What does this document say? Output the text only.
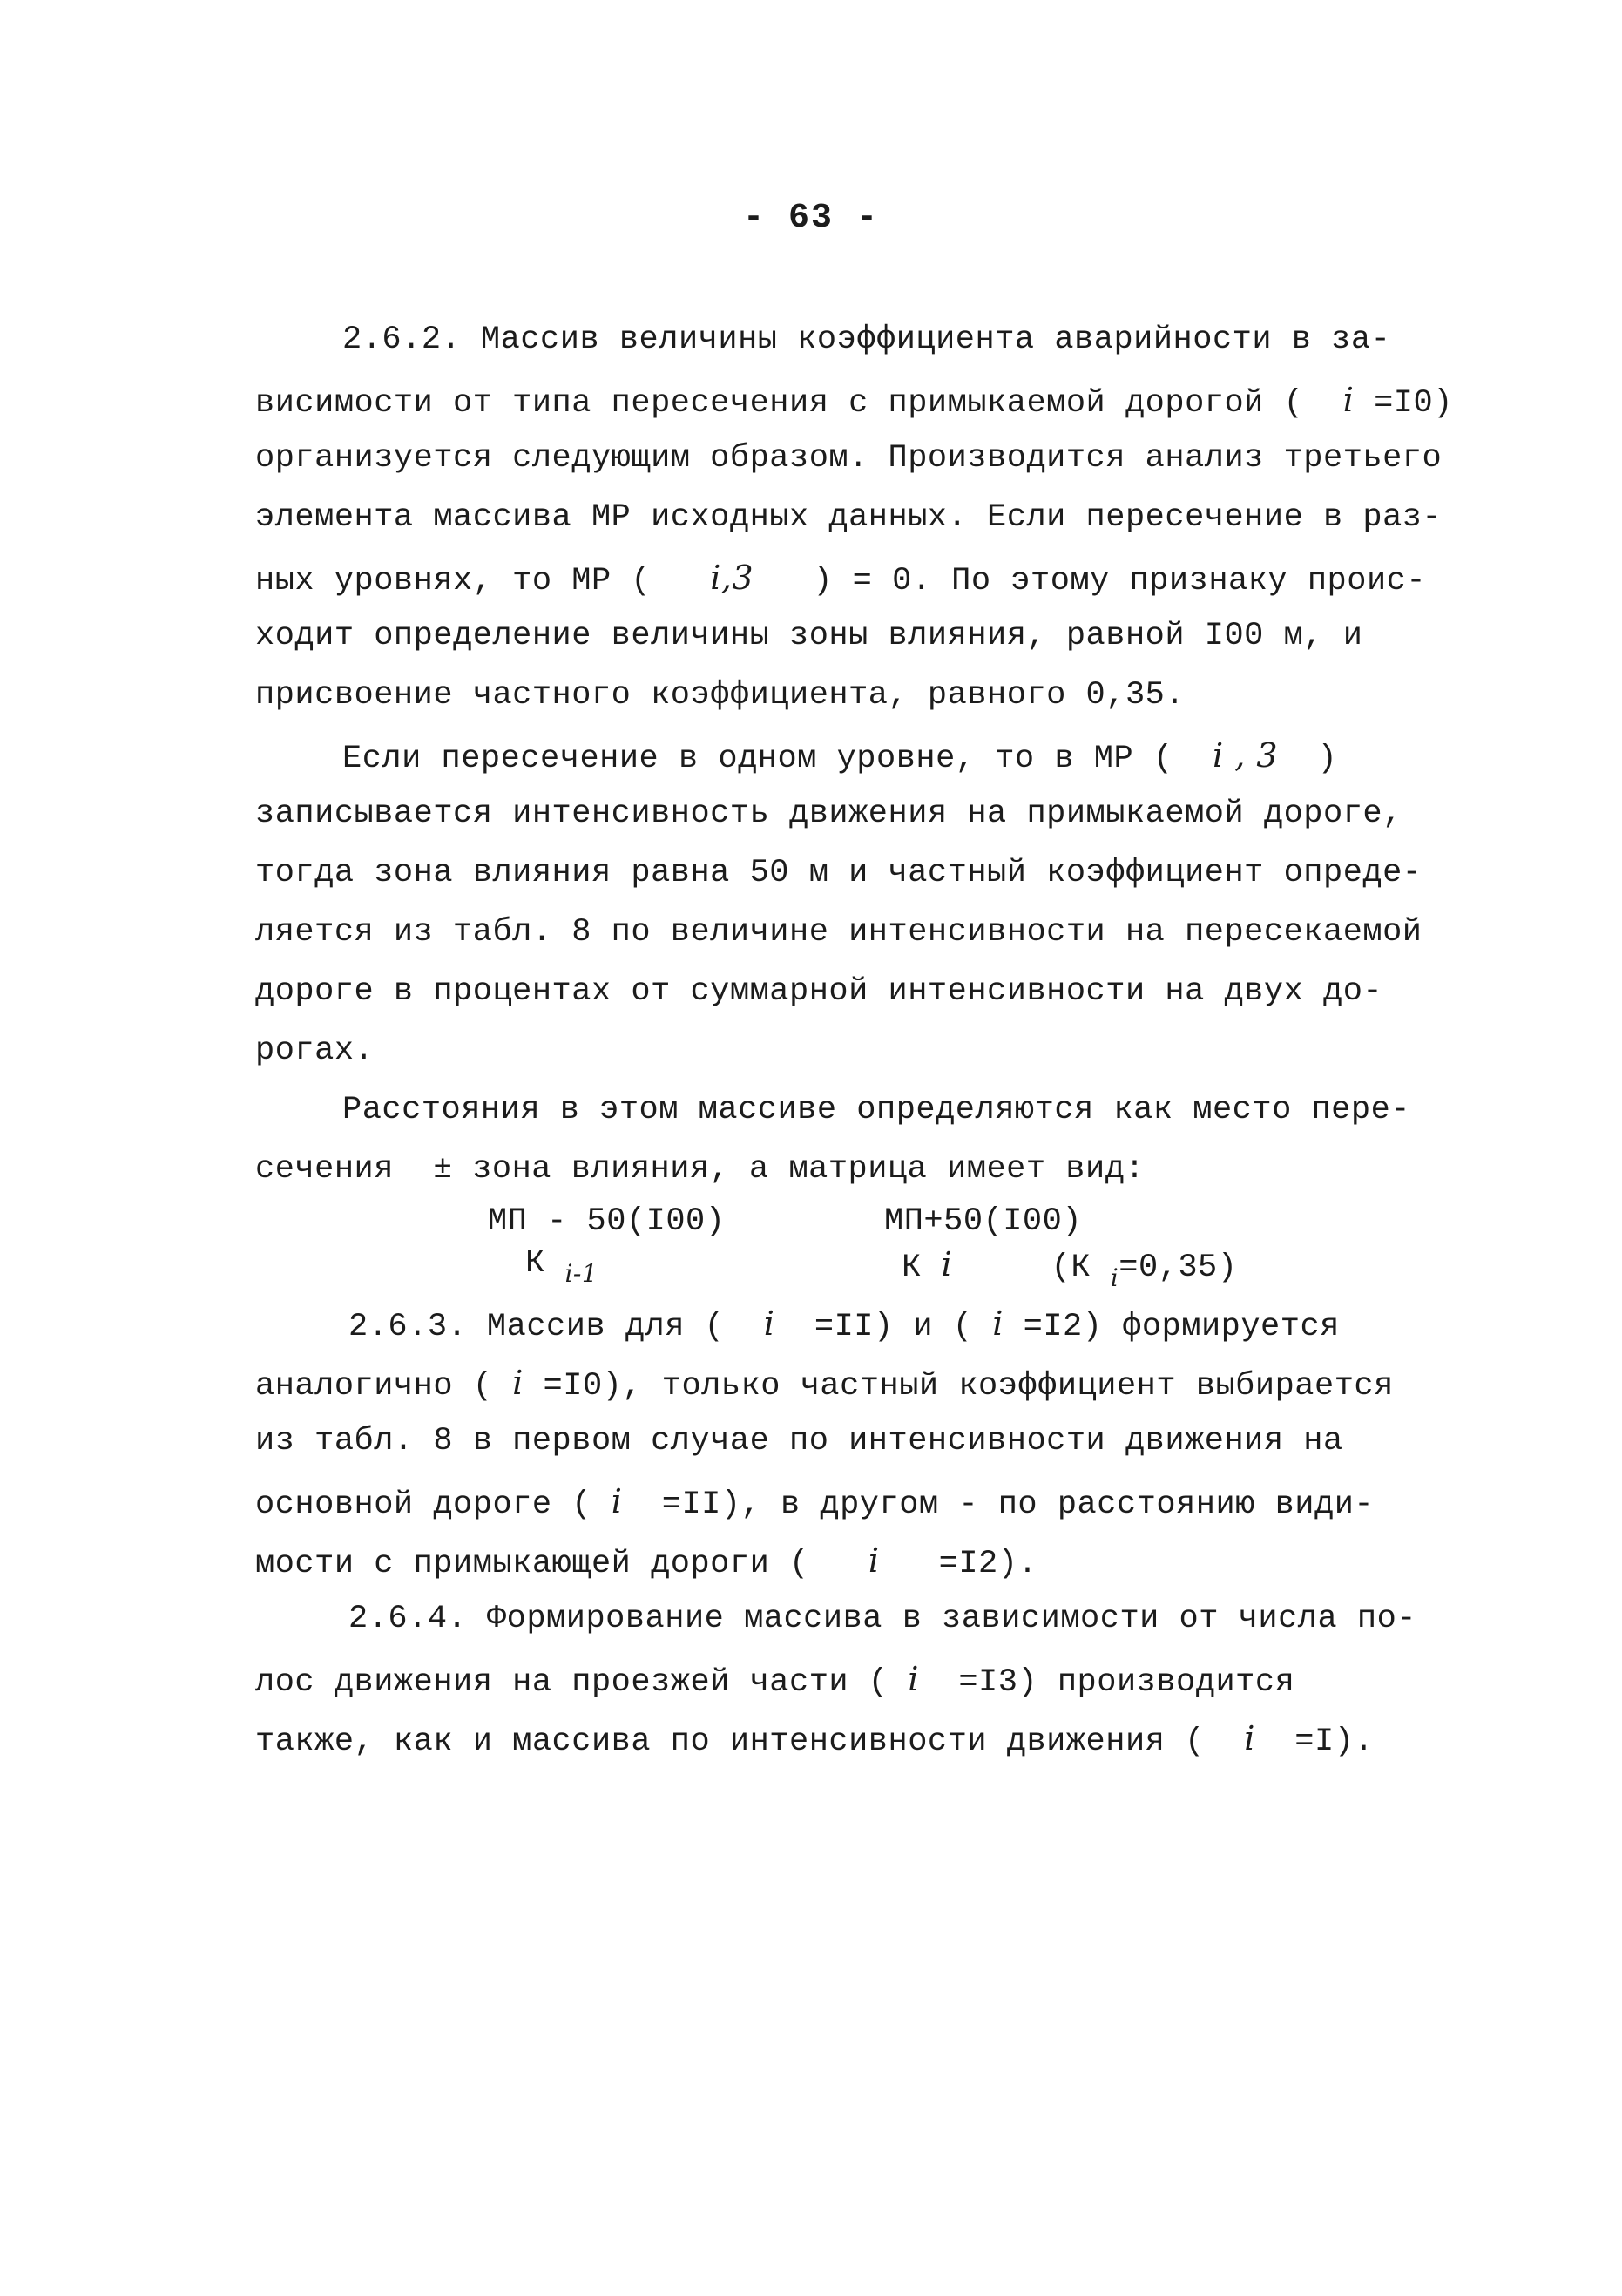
- 63 -
2.6.2. Массив величины коэффициента аварийности в за-
висимости от типа пересечения с примыкаемой дорогой ( i =I0)
организуется следующим образом. Производится анализ третьего
элемента массива МР исходных данных. Если пересечение в раз-
ных уровнях, то МР ( i,3 ) = 0. По этому признаку проис-
ходит определение величины зоны влияния, равной I00 м, и
присвоение частного коэффициента, равного 0,35.
Если пересечение в одном уровне, то в МР ( i , 3 )
записывается интенсивность движения на примыкаемой дороге,
тогда зона влияния равна 50 м и частный коэффициент опреде-
ляется из табл. 8 по величине интенсивности на пересекаемой
дороге в процентах от суммарной интенсивности на двух до-
рогах.
Расстояния в этом массиве определяются как место пере-
сечения ± зона влияния, а матрица имеет вид:
МП - 50(I00)	МП+50(I00)
К $_{i-1}$	К i	(К $_i$=0,35)
2.6.3. Массив для ( i =II) и ( i =I2) формируется
аналогично ( i =I0), только частный коэффициент выбирается
из табл. 8 в первом случае по интенсивности движения на
основной дороге ( i =II), в другом - по расстоянию види-
мости с примыкающей дороги ( i =I2).
2.6.4. Формирование массива в зависимости от числа по-
лос движения на проезжей части ( i =I3) производится
также, как и массива по интенсивности движения ( i =I).
